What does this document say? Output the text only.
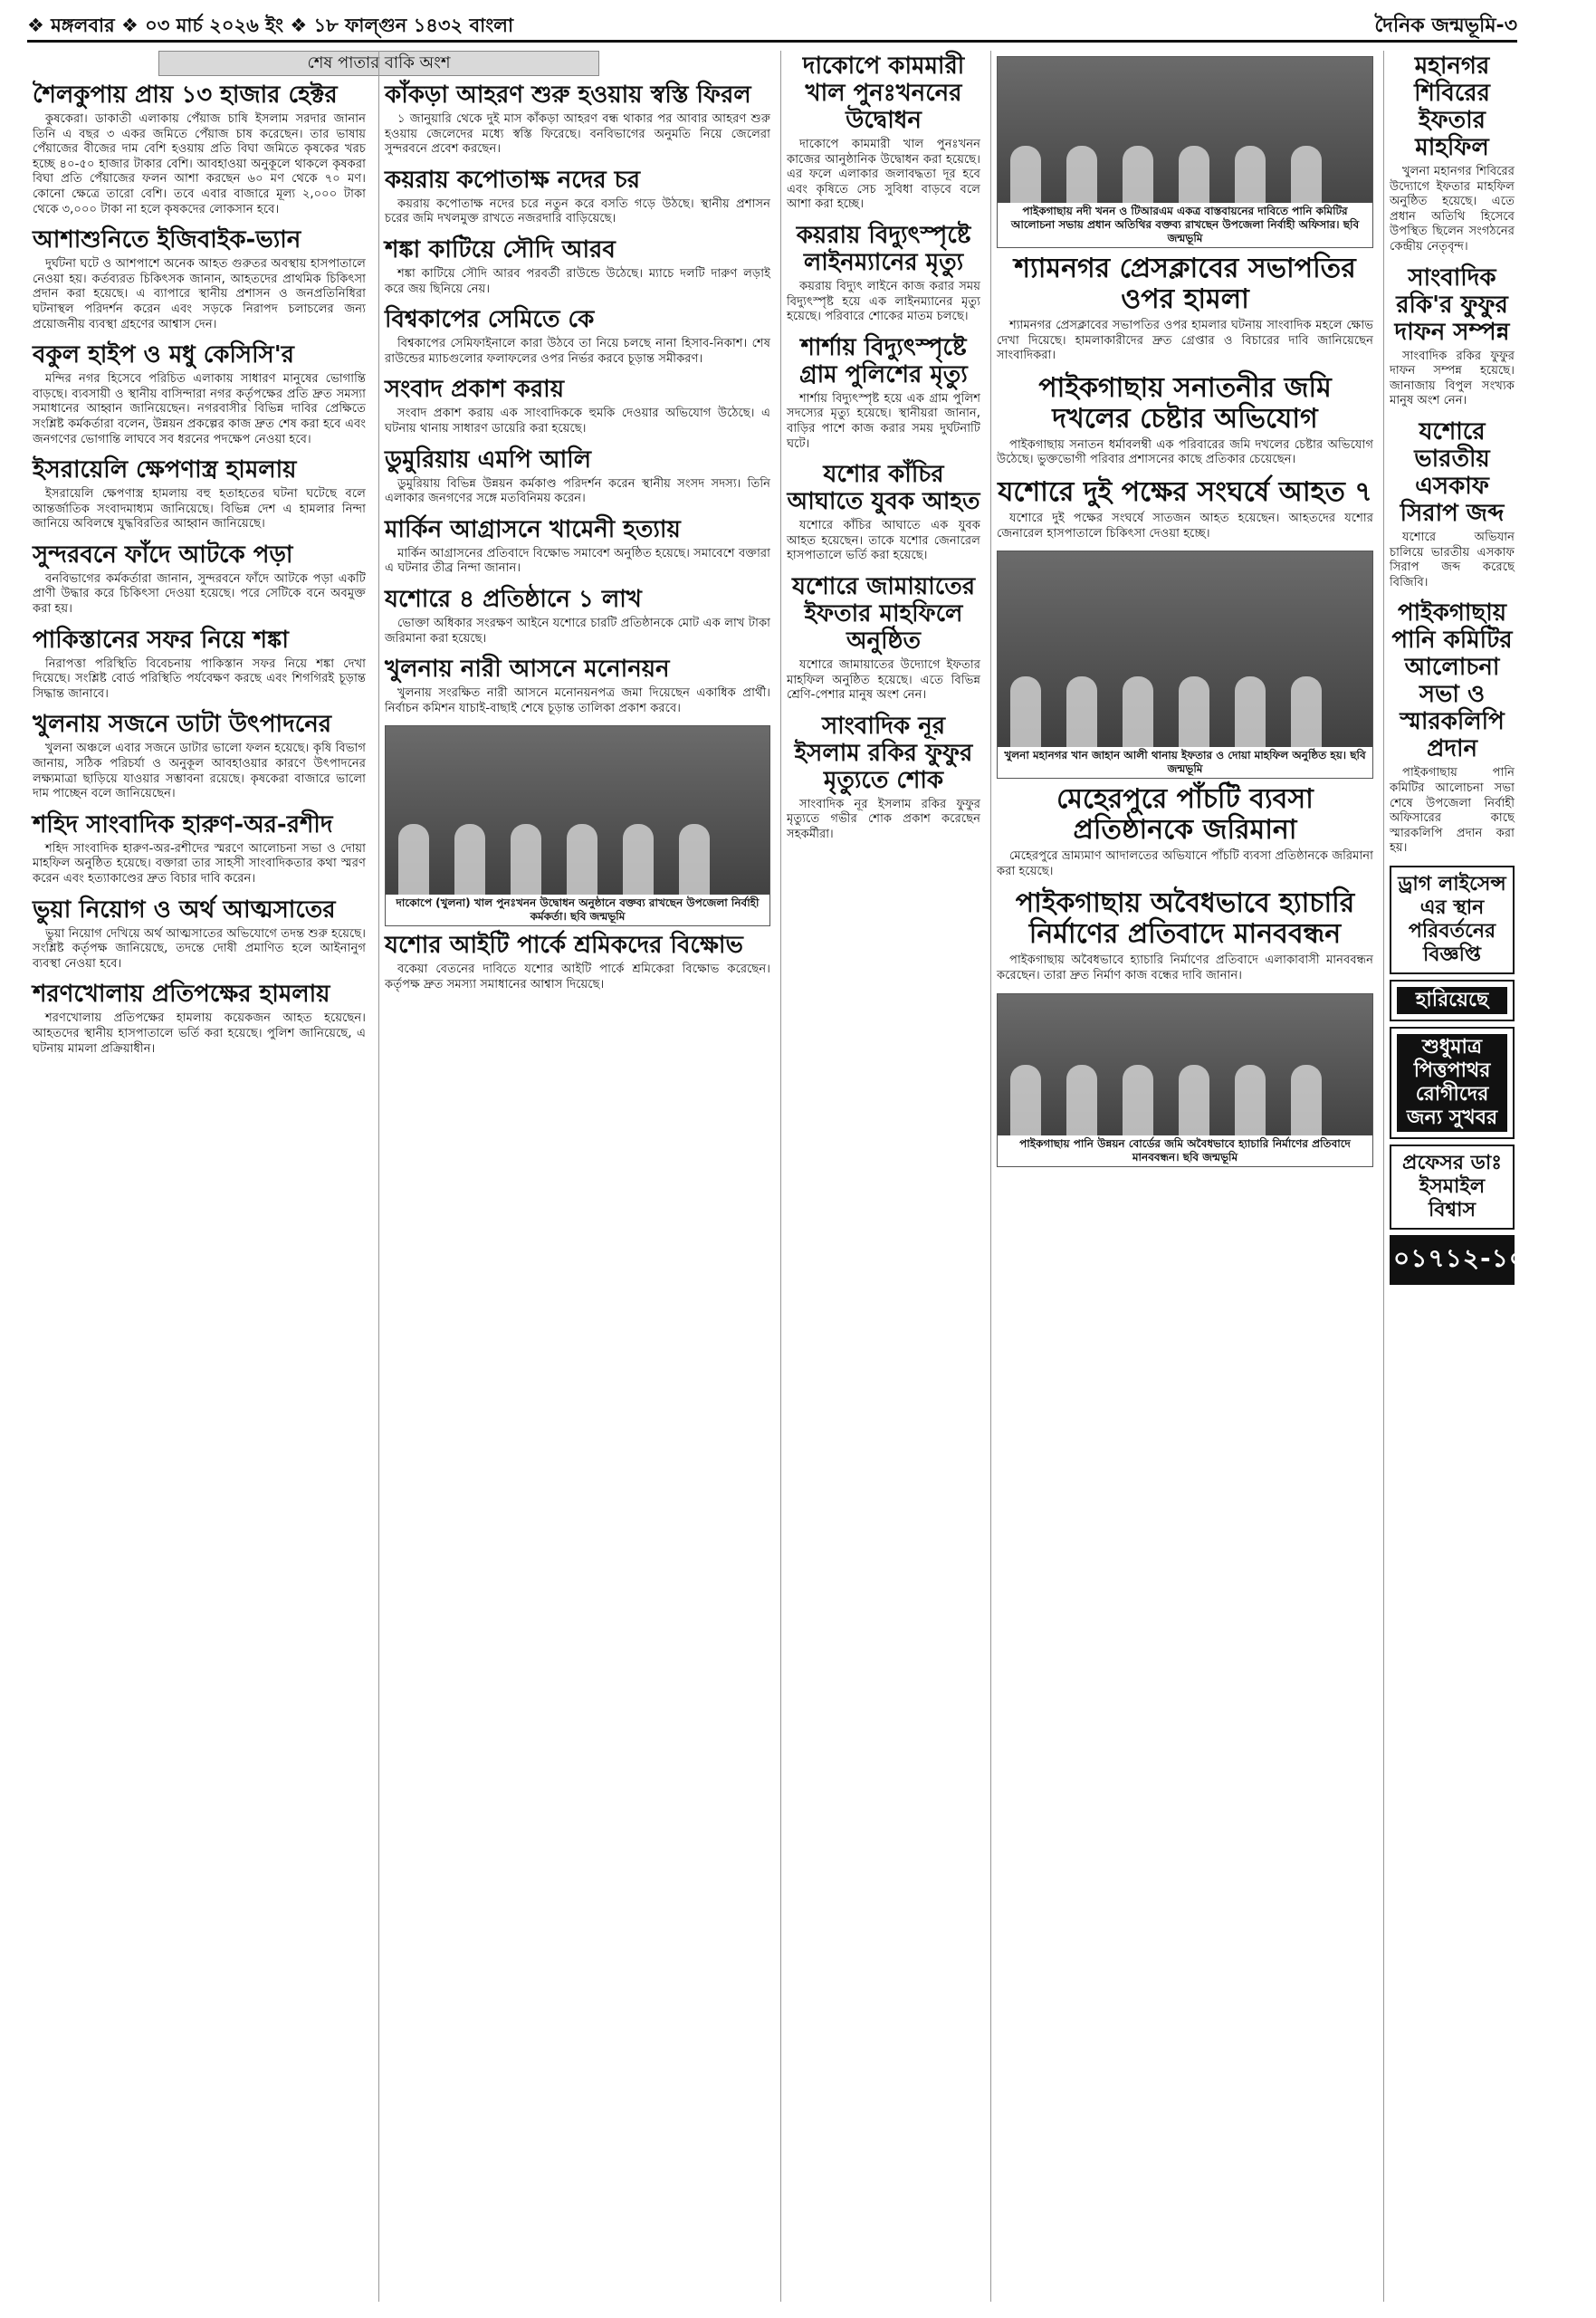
❖ মঙ্গলবার ❖ ০৩ মার্চ ২০২৬ ইং ❖ ১৮ ফাল্গুন ১৪৩২ বাংলা	দৈনিক জন্মভূমি-৩
শেষ পাতার বাকি অংশ
শৈলকুপায় প্রায় ১৩ হাজার হেক্টর

কুষকেরা। ডাকাতী এলাকায় পেঁয়াজ চাষি ইসলাম সরদার জানান তিনি এ বছর ৩ একর জমিতে পেঁয়াজ চাষ করেছেন। তার ভাষায় পেঁয়াজের বীজের দাম বেশি হওয়ায় প্রতি বিঘা জমিতে কৃষকের খরচ হচ্ছে ৪০-৫০ হাজার টাকার বেশি। আবহাওয়া অনুকূলে থাকলে কৃষকরা বিঘা প্রতি পেঁয়াজের ফলন আশা করছেন ৬০ মণ থেকে ৭০ মণ। কোনো ক্ষেত্রে তারো বেশি। তবে এবার বাজারে মূল্য ২,০০০ টাকা থেকে ৩,০০০ টাকা না হলে কৃষকদের লোকসান হবে।

আশাশুনিতে ইজিবাইক-ভ্যান

দুর্ঘটনা ঘটে ও আশপাশে অনেক আহত গুরুতর অবস্থায় হাসপাতালে নেওয়া হয়। কর্তব্যরত চিকিৎসক জানান, আহতদের প্রাথমিক চিকিৎসা প্রদান করা হয়েছে। এ ব্যাপারে স্থানীয় প্রশাসন ও জনপ্রতিনিধিরা ঘটনাস্থল পরিদর্শন করেন এবং সড়কে নিরাপদ চলাচলের জন্য প্রয়োজনীয় ব্যবস্থা গ্রহণের আশ্বাস দেন।

বকুল হাইপ ও মধু কেসিসি'র

মন্দির নগর হিসেবে পরিচিত এলাকায় সাধারণ মানুষের ভোগান্তি বাড়ছে। ব্যবসায়ী ও স্থানীয় বাসিন্দারা নগর কর্তৃপক্ষের প্রতি দ্রুত সমস্যা সমাধানের আহ্বান জানিয়েছেন। নগরবাসীর বিভিন্ন দাবির প্রেক্ষিতে সংশ্লিষ্ট কর্মকর্তারা বলেন, উন্নয়ন প্রকল্পের কাজ দ্রুত শেষ করা হবে এবং জনগণের ভোগান্তি লাঘবে সব ধরনের পদক্ষেপ নেওয়া হবে।

ইসরায়েলি ক্ষেপণাস্ত্র হামলায়

ইসরায়েলি ক্ষেপণাস্ত্র হামলায় বহু হতাহতের ঘটনা ঘটেছে বলে আন্তর্জাতিক সংবাদমাধ্যম জানিয়েছে। বিভিন্ন দেশ এ হামলার নিন্দা জানিয়ে অবিলম্বে যুদ্ধবিরতির আহ্বান জানিয়েছে।

সুন্দরবনে ফাঁদে আটকে পড়া

বনবিভাগের কর্মকর্তারা জানান, সুন্দরবনে ফাঁদে আটকে পড়া একটি প্রাণী উদ্ধার করে চিকিৎসা দেওয়া হয়েছে। পরে সেটিকে বনে অবমুক্ত করা হয়।

পাকিস্তানের সফর নিয়ে শঙ্কা

নিরাপত্তা পরিস্থিতি বিবেচনায় পাকিস্তান সফর নিয়ে শঙ্কা দেখা দিয়েছে। সংশ্লিষ্ট বোর্ড পরিস্থিতি পর্যবেক্ষণ করছে এবং শিগগিরই চূড়ান্ত সিদ্ধান্ত জানাবে।

খুলনায় সজনে ডাটা উৎপাদনের

খুলনা অঞ্চলে এবার সজনে ডাটার ভালো ফলন হয়েছে। কৃষি বিভাগ জানায়, সঠিক পরিচর্যা ও অনুকূল আবহাওয়ার কারণে উৎপাদনের লক্ষ্যমাত্রা ছাড়িয়ে যাওয়ার সম্ভাবনা রয়েছে। কৃষকেরা বাজারে ভালো দাম পাচ্ছেন বলে জানিয়েছেন।

শহিদ সাংবাদিক হারুণ-অর-রশীদ

শহিদ সাংবাদিক হারুণ-অর-রশীদের স্মরণে আলোচনা সভা ও দোয়া মাহফিল অনুষ্ঠিত হয়েছে। বক্তারা তার সাহসী সাংবাদিকতার কথা স্মরণ করেন এবং হত্যাকাণ্ডের দ্রুত বিচার দাবি করেন।

ভুয়া নিয়োগ ও অর্থ আত্মসাতের

ভুয়া নিয়োগ দেখিয়ে অর্থ আত্মসাতের অভিযোগে তদন্ত শুরু হয়েছে। সংশ্লিষ্ট কর্তৃপক্ষ জানিয়েছে, তদন্তে দোষী প্রমাণিত হলে আইনানুগ ব্যবস্থা নেওয়া হবে।

শরণখোলায় প্রতিপক্ষের হামলায়

শরণখোলায় প্রতিপক্ষের হামলায় কয়েকজন আহত হয়েছেন। আহতদের স্থানীয় হাসপাতালে ভর্তি করা হয়েছে। পুলিশ জানিয়েছে, এ ঘটনায় মামলা প্রক্রিয়াধীন।

কাঁকড়া আহরণ শুরু হওয়ায় স্বস্তি ফিরল

১ জানুয়ারি থেকে দুই মাস কাঁকড়া আহরণ বন্ধ থাকার পর আবার আহরণ শুরু হওয়ায় জেলেদের মধ্যে স্বস্তি ফিরেছে। বনবিভাগের অনুমতি নিয়ে জেলেরা সুন্দরবনে প্রবেশ করছেন।

কয়রায় কপোতাক্ষ নদের চর

কয়রায় কপোতাক্ষ নদের চরে নতুন করে বসতি গড়ে উঠছে। স্থানীয় প্রশাসন চরের জমি দখলমুক্ত রাখতে নজরদারি বাড়িয়েছে।

শঙ্কা কাটিয়ে সৌদি আরব

শঙ্কা কাটিয়ে সৌদি আরব পরবর্তী রাউন্ডে উঠেছে। ম্যাচে দলটি দারুণ লড়াই করে জয় ছিনিয়ে নেয়।

বিশ্বকাপের সেমিতে কে

বিশ্বকাপের সেমিফাইনালে কারা উঠবে তা নিয়ে চলছে নানা হিসাব-নিকাশ। শেষ রাউন্ডের ম্যাচগুলোর ফলাফলের ওপর নির্ভর করবে চূড়ান্ত সমীকরণ।

সংবাদ প্রকাশ করায়

সংবাদ প্রকাশ করায় এক সাংবাদিককে হুমকি দেওয়ার অভিযোগ উঠেছে। এ ঘটনায় থানায় সাধারণ ডায়েরি করা হয়েছে।

ডুমুরিয়ায় এমপি আলি

ডুমুরিয়ায় বিভিন্ন উন্নয়ন কর্মকাণ্ড পরিদর্শন করেন স্থানীয় সংসদ সদস্য। তিনি এলাকার জনগণের সঙ্গে মতবিনিময় করেন।

মার্কিন আগ্রাসনে খামেনী হত্যায়

মার্কিন আগ্রাসনের প্রতিবাদে বিক্ষোভ সমাবেশ অনুষ্ঠিত হয়েছে। সমাবেশে বক্তারা এ ঘটনার তীব্র নিন্দা জানান।

যশোরে ৪ প্রতিষ্ঠানে ১ লাখ

ভোক্তা অধিকার সংরক্ষণ আইনে যশোরে চারটি প্রতিষ্ঠানকে মোট এক লাখ টাকা জরিমানা করা হয়েছে।

খুলনায় নারী আসনে মনোনয়ন

খুলনায় সংরক্ষিত নারী আসনে মনোনয়নপত্র জমা দিয়েছেন একাধিক প্রার্থী। নির্বাচন কমিশন যাচাই-বাছাই শেষে চূড়ান্ত তালিকা প্রকাশ করবে।

দাকোপে (খুলনা) খাল পুনঃখনন উদ্বোধন অনুষ্ঠানে বক্তব্য রাখছেন উপজেলা নির্বাহী কর্মকর্তা। ছবি জন্মভূমি
যশোর আইটি পার্কে শ্রমিকদের বিক্ষোভ

বকেয়া বেতনের দাবিতে যশোর আইটি পার্কে শ্রমিকেরা বিক্ষোভ করেছেন। কর্তৃপক্ষ দ্রুত সমস্যা সমাধানের আশ্বাস দিয়েছে।

দাকোপে কামমারী খাল পুনঃখননের উদ্বোধন

দাকোপে কামমারী খাল পুনঃখনন কাজের আনুষ্ঠানিক উদ্বোধন করা হয়েছে। এর ফলে এলাকার জলাবদ্ধতা দূর হবে এবং কৃষিতে সেচ সুবিধা বাড়বে বলে আশা করা হচ্ছে।

কয়রায় বিদ্যুৎস্পৃষ্টে লাইনম্যানের মৃত্যু

কয়রায় বিদ্যুৎ লাইনে কাজ করার সময় বিদ্যুৎস্পৃষ্ট হয়ে এক লাইনম্যানের মৃত্যু হয়েছে। পরিবারে শোকের মাতম চলছে।

শার্শায় বিদ্যুৎস্পৃষ্টে গ্রাম পুলিশের মৃত্যু

শার্শায় বিদ্যুৎস্পৃষ্ট হয়ে এক গ্রাম পুলিশ সদস্যের মৃত্যু হয়েছে। স্থানীয়রা জানান, বাড়ির পাশে কাজ করার সময় দুর্ঘটনাটি ঘটে।

যশোর কাঁচির আঘাতে যুবক আহত

যশোরে কাঁচির আঘাতে এক যুবক আহত হয়েছেন। তাকে যশোর জেনারেল হাসপাতালে ভর্তি করা হয়েছে।

যশোরে জামায়াতের ইফতার মাহফিলে অনুষ্ঠিত

যশোরে জামায়াতের উদ্যোগে ইফতার মাহফিল অনুষ্ঠিত হয়েছে। এতে বিভিন্ন শ্রেণি-পেশার মানুষ অংশ নেন।

সাংবাদিক নূর ইসলাম রকির ফুফুর মৃত্যুতে শোক

সাংবাদিক নূর ইসলাম রকির ফুফুর মৃত্যুতে গভীর শোক প্রকাশ করেছেন সহকর্মীরা।

পাইকগাছায় নদী খনন ও টিআরএম একত্র বাস্তবায়নের দাবিতে পানি কমিটির আলোচনা সভায় প্রধান অতিথির বক্তব্য রাখছেন উপজেলা নির্বাহী অফিসার। ছবি জন্মভূমি
শ্যামনগর প্রেসক্লাবের সভাপতির ওপর হামলা

শ্যামনগর প্রেসক্লাবের সভাপতির ওপর হামলার ঘটনায় সাংবাদিক মহলে ক্ষোভ দেখা দিয়েছে। হামলাকারীদের দ্রুত গ্রেপ্তার ও বিচারের দাবি জানিয়েছেন সাংবাদিকরা।

পাইকগাছায় সনাতনীর জমি দখলের চেষ্টার অভিযোগ

পাইকগাছায় সনাতন ধর্মাবলম্বী এক পরিবারের জমি দখলের চেষ্টার অভিযোগ উঠেছে। ভুক্তভোগী পরিবার প্রশাসনের কাছে প্রতিকার চেয়েছেন।

যশোরে দুই পক্ষের সংঘর্ষে আহত ৭

যশোরে দুই পক্ষের সংঘর্ষে সাতজন আহত হয়েছেন। আহতদের যশোর জেনারেল হাসপাতালে চিকিৎসা দেওয়া হচ্ছে।

খুলনা মহানগর খান জাহান আলী থানায় ইফতার ও দোয়া মাহফিল অনুষ্ঠিত হয়। ছবি জন্মভূমি
মেহেরপুরে পাঁচটি ব্যবসা প্রতিষ্ঠানকে জরিমানা

মেহেরপুরে ভ্রাম্যমাণ আদালতের অভিযানে পাঁচটি ব্যবসা প্রতিষ্ঠানকে জরিমানা করা হয়েছে।

পাইকগাছায় অবৈধভাবে হ্যাচারি নির্মাণের প্রতিবাদে মানববন্ধন

পাইকগাছায় অবৈধভাবে হ্যাচারি নির্মাণের প্রতিবাদে এলাকাবাসী মানববন্ধন করেছেন। তারা দ্রুত নির্মাণ কাজ বন্ধের দাবি জানান।

পাইকগাছায় পানি উন্নয়ন বোর্ডের জমি অবৈধভাবে হ্যাচারি নির্মাণের প্রতিবাদে মানববন্ধন। ছবি জন্মভূমি
মহানগর শিবিরের ইফতার মাহফিল

খুলনা মহানগর শিবিরের উদ্যোগে ইফতার মাহফিল অনুষ্ঠিত হয়েছে। এতে প্রধান অতিথি হিসেবে উপস্থিত ছিলেন সংগঠনের কেন্দ্রীয় নেতৃবৃন্দ।

সাংবাদিক রকি'র ফুফুর দাফন সম্পন্ন

সাংবাদিক রকির ফুফুর দাফন সম্পন্ন হয়েছে। জানাজায় বিপুল সংখ্যক মানুষ অংশ নেন।

যশোরে ভারতীয় এসকাফ সিরাপ জব্দ

যশোরে অভিযান চালিয়ে ভারতীয় এসকাফ সিরাপ জব্দ করেছে বিজিবি।

পাইকগাছায় পানি কমিটির আলোচনা সভা ও স্মারকলিপি প্রদান

পাইকগাছায় পানি কমিটির আলোচনা সভা শেষে উপজেলা নির্বাহী অফিসারের কাছে স্মারকলিপি প্রদান করা হয়।

ড্রাগ লাইসেন্স এর স্থান পরিবর্তনের বিজ্ঞপ্তি
হারিয়েছে
শুধুমাত্র পিত্তপাথর রোগীদের জন্য সুখবর
প্রফেসর ডাঃ ইসমাইল বিশ্বাস
০১৭১২-১০৯৯০০
